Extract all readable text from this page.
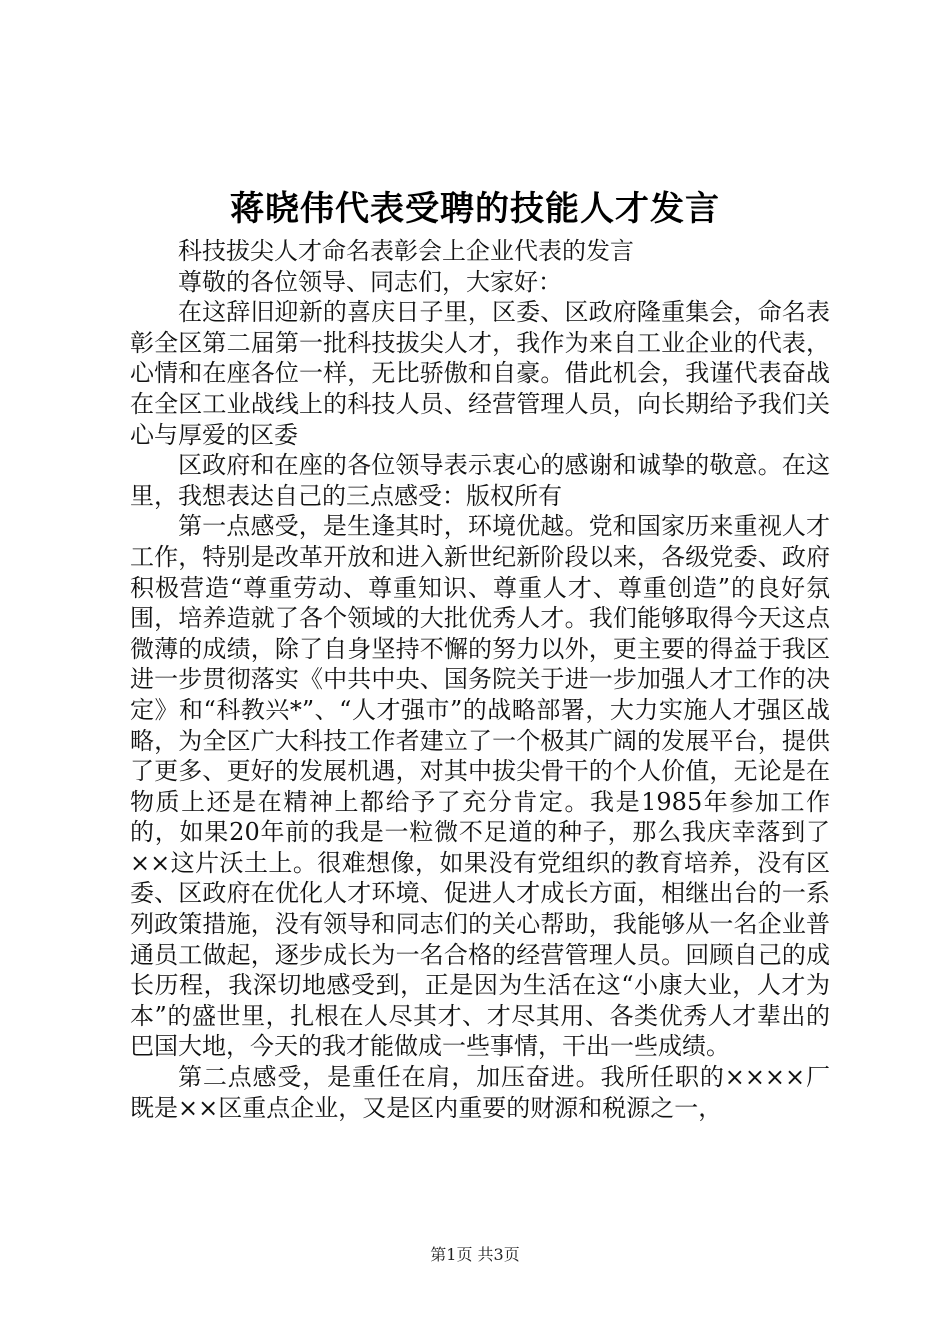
蒋晓伟代表受聘的技能人才发言

科技拔尖人才命名表彰会上企业代表的发言

尊敬的各位领导、同志们，大家好：

在这辞旧迎新的喜庆日子里，区委、区政府隆重集会，命名表彰全区第二届第一批科技拔尖人才，我作为来自工业企业的代表，心情和在座各位一样，无比骄傲和自豪。借此机会，我谨代表奋战在全区工业战线上的科技人员、经营管理人员，向长期给予我们关心与厚爱的区委

区政府和在座的各位领导表示衷心的感谢和诚挚的敬意。在这里，我想表达自己的三点感受：版权所有

第一点感受，是生逢其时，环境优越。党和国家历来重视人才工作，特别是改革开放和进入新世纪新阶段以来，各级党委、政府积极营造“尊重劳动、尊重知识、尊重人才、尊重创造”的良好氛围，培养造就了各个领域的大批优秀人才。我们能够取得今天这点微薄的成绩，除了自身坚持不懈的努力以外，更主要的得益于我区进一步贯彻落实《中共中央、国务院关于进一步加强人才工作的决定》和“科教兴*”、“人才强市”的战略部署，大力实施人才强区战略，为全区广大科技工作者建立了一个极其广阔的发展平台，提供了更多、更好的发展机遇，对其中拔尖骨干的个人价值，无论是在物质上还是在精神上都给予了充分肯定。我是1985年参加工作的，如果20年前的我是一粒微不足道的种子，那么我庆幸落到了××这片沃土上。很难想像，如果没有党组织的教育培养，没有区委、区政府在优化人才环境、促进人才成长方面，相继出台的一系列政策措施，没有领导和同志们的关心帮助，我能够从一名企业普通员工做起，逐步成长为一名合格的经营管理人员。回顾自己的成长历程，我深切地感受到，正是因为生活在这“小康大业，人才为本”的盛世里，扎根在人尽其才、才尽其用、各类优秀人才辈出的巴国大地，今天的我才能做成一些事情，干出一些成绩。

第二点感受，是重任在肩，加压奋进。我所任职的××××厂既是××区重点企业，又是区内重要的财源和税源之一，

第1页 共3页
